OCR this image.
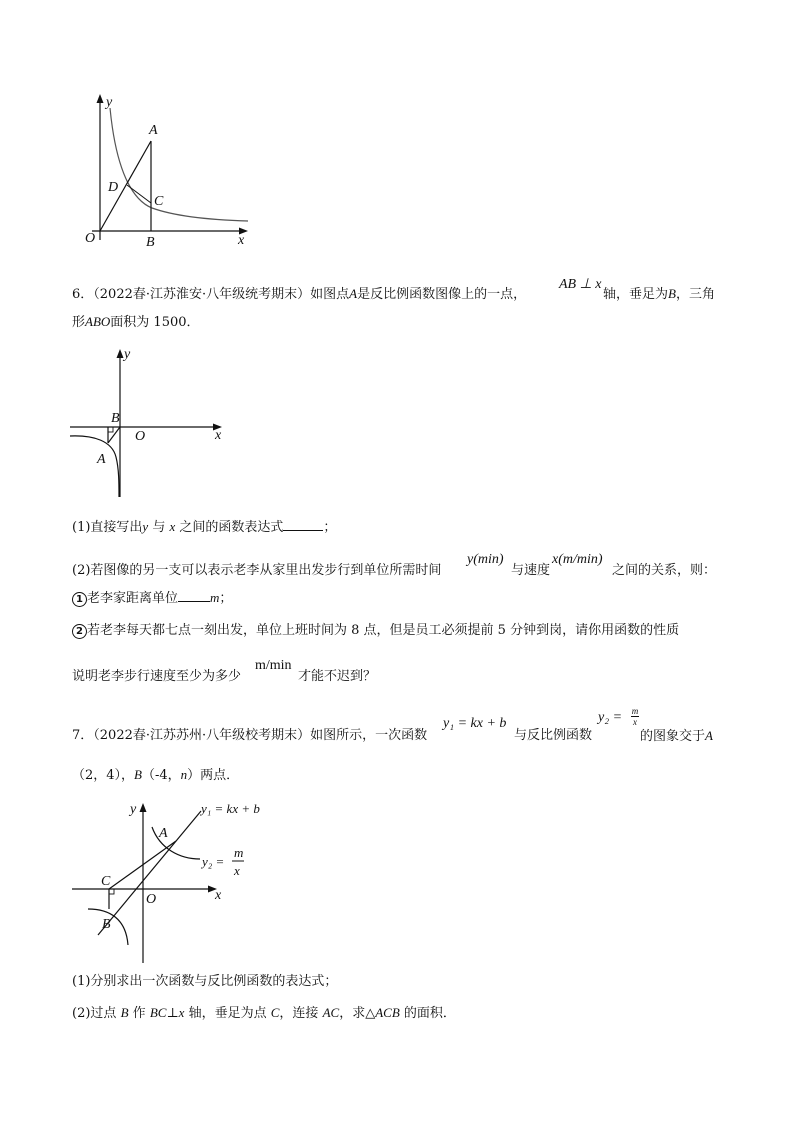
y
A
D
C
O	B	x
6．（2022春·江苏淮安·八年级统考期末）如图点A是反比例函数图像上的一点，
AB ⊥ x
轴，垂足为B，三角
形ABO面积为 1500．
y
B
O	x
A
(1)直接写出y 与 x 之间的函数表达式	；
(2)若图像的另一支可以表示老李从家里出发步行到单位所需时间
y(min)
与速度
x(m/min)
之间的关系，则：
1 老李家距离单位 m；
2 若老李每天都七点一刻出发，单位上班时间为 8 点，但是员工必须提前 5 分钟到岗，请你用函数的性质
说明老李步行速度至少为多少
m/min
才能不迟到？
7．（2022春·江苏苏州·八年级校考期末）如图所示，一次函数
y₁ = kx + b
与反比例函数
$y_2 = \frac{m}{x}$
的图象交于A
（2，4），B（-4，n）两点．
y	y₁ = kx + b
A
y₂ =
m
x
C
O	x
B
(1)分别求出一次函数与反比例函数的表达式；
(2)过点 B 作 BC⊥x 轴，垂足为点 C，连接 AC，求△ACB 的面积．
